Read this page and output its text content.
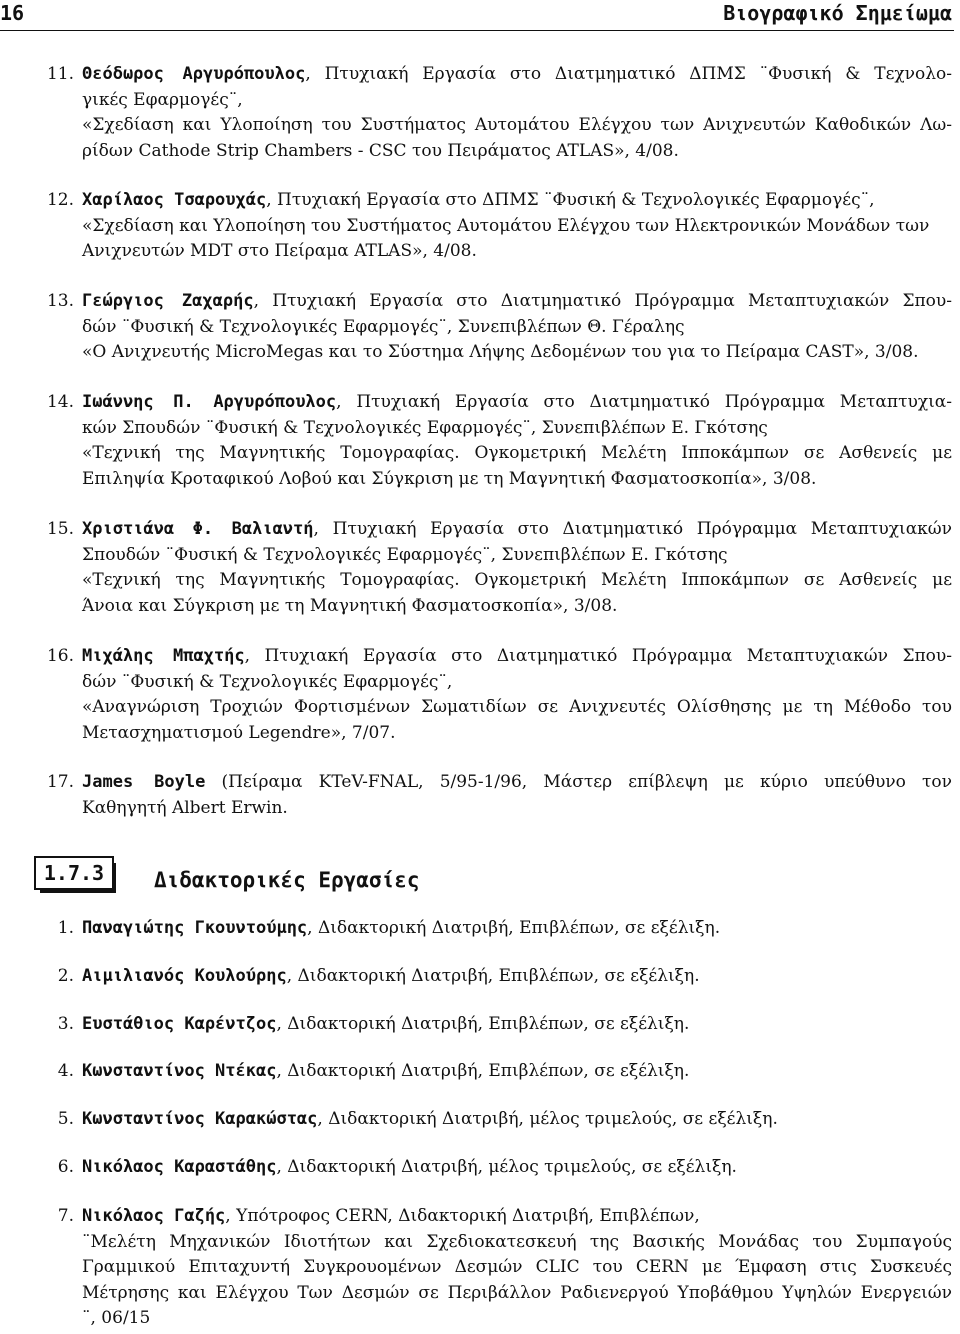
16	Βιογραφικό Σημείωμα
11. Θεόδωρος Αργυρόπουλος, Πτυχιακή Εργασία στο Διατμηματικό ΔΠΜΣ ¨Φυσική & Τεχνολο-
γικές Εφαρμογές¨,
«Σχεδίαση και Υλοποίηση του Συστήματος Αυτομάτου Ελέγχου των Ανιχνευτών Καθοδικών Λω-
ρίδων Cathode Strip Chambers - CSC του Πειράματος ATLAS», 4/08.
12. Χαρίλαος Τσαρουχάς, Πτυχιακή Εργασία στο ΔΠΜΣ ¨Φυσική & Τεχνολογικές Εφαρμογές¨,
«Σχεδίαση και Υλοποίηση του Συστήματος Αυτομάτου Ελέγχου των Ηλεκτρονικών Μονάδων των
Ανιχνευτών MDT στο Πείραμα ATLAS», 4/08.
13. Γεώργιος Ζαχαρής, Πτυχιακή Εργασία στο Διατμηματικό Πρόγραμμα Μεταπτυχιακών Σπου-
δών ¨Φυσική & Τεχνολογικές Εφαρμογές¨, Συνεπιβλέπων Θ. Γέραλης
«Ο Ανιχνευτής MicroMegas και το Σύστημα Λήψης Δεδομένων του για το Πείραμα CAST», 3/08.
14. Ιωάννης Π. Αργυρόπουλος, Πτυχιακή Εργασία στο Διατμηματικό Πρόγραμμα Μεταπτυχια-
κών Σπουδών ¨Φυσική & Τεχνολογικές Εφαρμογές¨, Συνεπιβλέπων Ε. Γκότσης
«Τεχνική της Μαγνητικής Τομογραφίας. Ογκομετρική Μελέτη Ιπποκάμπων σε Ασθενείς με
Επιληψία Κροταφικού Λοβού και Σύγκριση με τη Μαγνητική Φασματοσκοπία», 3/08.
15. Χριστιάνα Φ. Βαλιαντή, Πτυχιακή Εργασία στο Διατμηματικό Πρόγραμμα Μεταπτυχιακών
Σπουδών ¨Φυσική & Τεχνολογικές Εφαρμογές¨, Συνεπιβλέπων Ε. Γκότσης
«Τεχνική της Μαγνητικής Τομογραφίας. Ογκομετρική Μελέτη Ιπποκάμπων σε Ασθενείς με
Άνοια και Σύγκριση με τη Μαγνητική Φασματοσκοπία», 3/08.
16. Μιχάλης Μπαχτής, Πτυχιακή Εργασία στο Διατμηματικό Πρόγραμμα Μεταπτυχιακών Σπου-
δών ¨Φυσική & Τεχνολογικές Εφαρμογές¨,
«Αναγνώριση Τροχιών Φορτισμένων Σωματιδίων σε Ανιχνευτές Ολίσθησης με τη Μέθοδο του
Μετασχηματισμού Legendre», 7/07.
17. James Boyle (Πείραμα KTeV-FNAL, 5/95-1/96, Μάστερ επίβλεψη με κύριο υπεύθυνο τον
Καθηγητή Albert Erwin.
1.7.3	Διδακτορικές Εργασίες
1. Παναγιώτης Γκουντούμης, Διδακτορική Διατριβή, Επιβλέπων, σε εξέλιξη.
2. Αιμιλιανός Κουλούρης, Διδακτορική Διατριβή, Επιβλέπων, σε εξέλιξη.
3. Ευστάθιος Καρέντζος, Διδακτορική Διατριβή, Επιβλέπων, σε εξέλιξη.
4. Κωνσταντίνος Ντέκας, Διδακτορική Διατριβή, Επιβλέπων, σε εξέλιξη.
5. Κωνσταντίνος Καρακώστας, Διδακτορική Διατριβή, μέλος τριμελούς, σε εξέλιξη.
6. Νικόλαος Καραστάθης, Διδακτορική Διατριβή, μέλος τριμελούς, σε εξέλιξη.
7. Νικόλαος Γαζής, Υπότροφος CERN, Διδακτορική Διατριβή, Επιβλέπων,
¨Μελέτη Μηχανικών Ιδιοτήτων και Σχεδιοκατεσκευή της Βασικής Μονάδας του Συμπαγούς
Γραμμικού Επιταχυντή Συγκρουομένων Δεσμών CLIC του CERN με Έμφαση στις Συσκευές
Μέτρησης και Ελέγχου Των Δεσμών σε Περιβάλλον Ραδιενεργού Υποβάθμου Υψηλών Ενεργειών
¨, 06/15
